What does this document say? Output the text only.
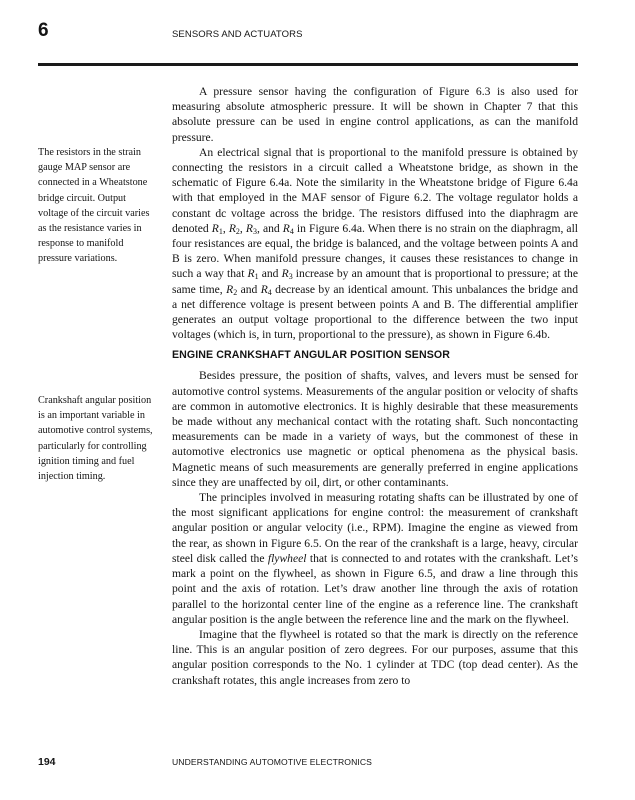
6	SENSORS AND ACTUATORS
The resistors in the strain gauge MAP sensor are connected in a Wheatstone bridge circuit. Output voltage of the circuit varies as the resistance varies in response to manifold pressure variations.
Crankshaft angular position is an important variable in automotive control systems, particularly for controlling ignition timing and fuel injection timing.

A pressure sensor having the configuration of Figure 6.3 is also used for measuring absolute atmospheric pressure. It will be shown in Chapter 7 that this absolute pressure can be used in engine control applications, as can the manifold pressure.

An electrical signal that is proportional to the manifold pressure is obtained by connecting the resistors in a circuit called a Wheatstone bridge, as shown in the schematic of Figure 6.4a. Note the similarity in the Wheatstone bridge of Figure 6.4a with that employed in the MAF sensor of Figure 6.2. The voltage regulator holds a constant dc voltage across the bridge. The resistors diffused into the diaphragm are denoted $R_1$, $R_2$, $R_3$, and $R_4$ in Figure 6.4a. When there is no strain on the diaphragm, all four resistances are equal, the bridge is balanced, and the voltage between points A and B is zero. When manifold pressure changes, it causes these resistances to change in such a way that $R_1$ and $R_3$ increase by an amount that is proportional to pressure; at the same time, $R_2$ and $R_4$ decrease by an identical amount. This unbalances the bridge and a net difference voltage is present between points A and B. The differential amplifier generates an output voltage proportional to the difference between the two input voltages (which is, in turn, proportional to the pressure), as shown in Figure 6.4b.

ENGINE CRANKSHAFT ANGULAR POSITION SENSOR

Besides pressure, the position of shafts, valves, and levers must be sensed for automotive control systems. Measurements of the angular position or velocity of shafts are common in automotive electronics. It is highly desirable that these measurements be made without any mechanical contact with the rotating shaft. Such noncontacting measurements can be made in a variety of ways, but the commonest of these in automotive electronics use magnetic or optical phenomena as the physical basis. Magnetic means of such measurements are generally preferred in engine applications since they are unaffected by oil, dirt, or other contaminants.

The principles involved in measuring rotating shafts can be illustrated by one of the most significant applications for engine control: the measurement of crankshaft angular position or angular velocity (i.e., RPM). Imagine the engine as viewed from the rear, as shown in Figure 6.5. On the rear of the crankshaft is a large, heavy, circular steel disk called the flywheel that is connected to and rotates with the crankshaft. Let’s mark a point on the flywheel, as shown in Figure 6.5, and draw a line through this point and the axis of rotation. Let’s draw another line through the axis of rotation parallel to the horizontal center line of the engine as a reference line. The crankshaft angular position is the angle between the reference line and the mark on the flywheel.

Imagine that the flywheel is rotated so that the mark is directly on the reference line. This is an angular position of zero degrees. For our purposes, assume that this angular position corresponds to the No. 1 cylinder at TDC (top dead center). As the crankshaft rotates, this angle increases from zero to

194	UNDERSTANDING AUTOMOTIVE ELECTRONICS
